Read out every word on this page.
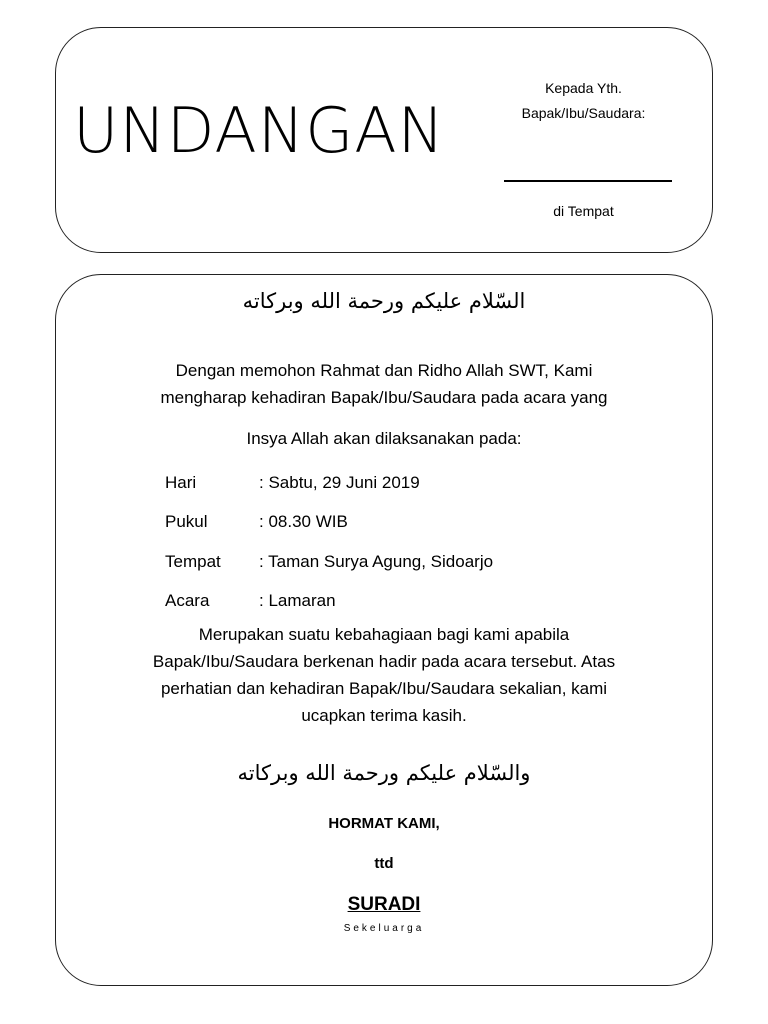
UNDANGAN
Kepada Yth.
Bapak/Ibu/Saudara:
di Tempat
السّلام عليكم ورحمة الله وبركاته
Dengan memohon Rahmat dan Ridho Allah SWT, Kami
mengharap kehadiran Bapak/Ibu/Saudara pada acara yang
Insya Allah akan dilaksanakan pada:
Hari	: Sabtu, 29 Juni 2019
Pukul	: 08.30 WIB
Tempat	: Taman Surya Agung, Sidoarjo
Acara	: Lamaran
Merupakan suatu kebahagiaan bagi kami apabila
Bapak/Ibu/Saudara berkenan hadir pada acara tersebut. Atas
perhatian dan kehadiran Bapak/Ibu/Saudara sekalian, kami
ucapkan terima kasih.
والسّلام عليكم ورحمة الله وبركاته
HORMAT KAMI,
ttd
SURADI
Sekeluarga
